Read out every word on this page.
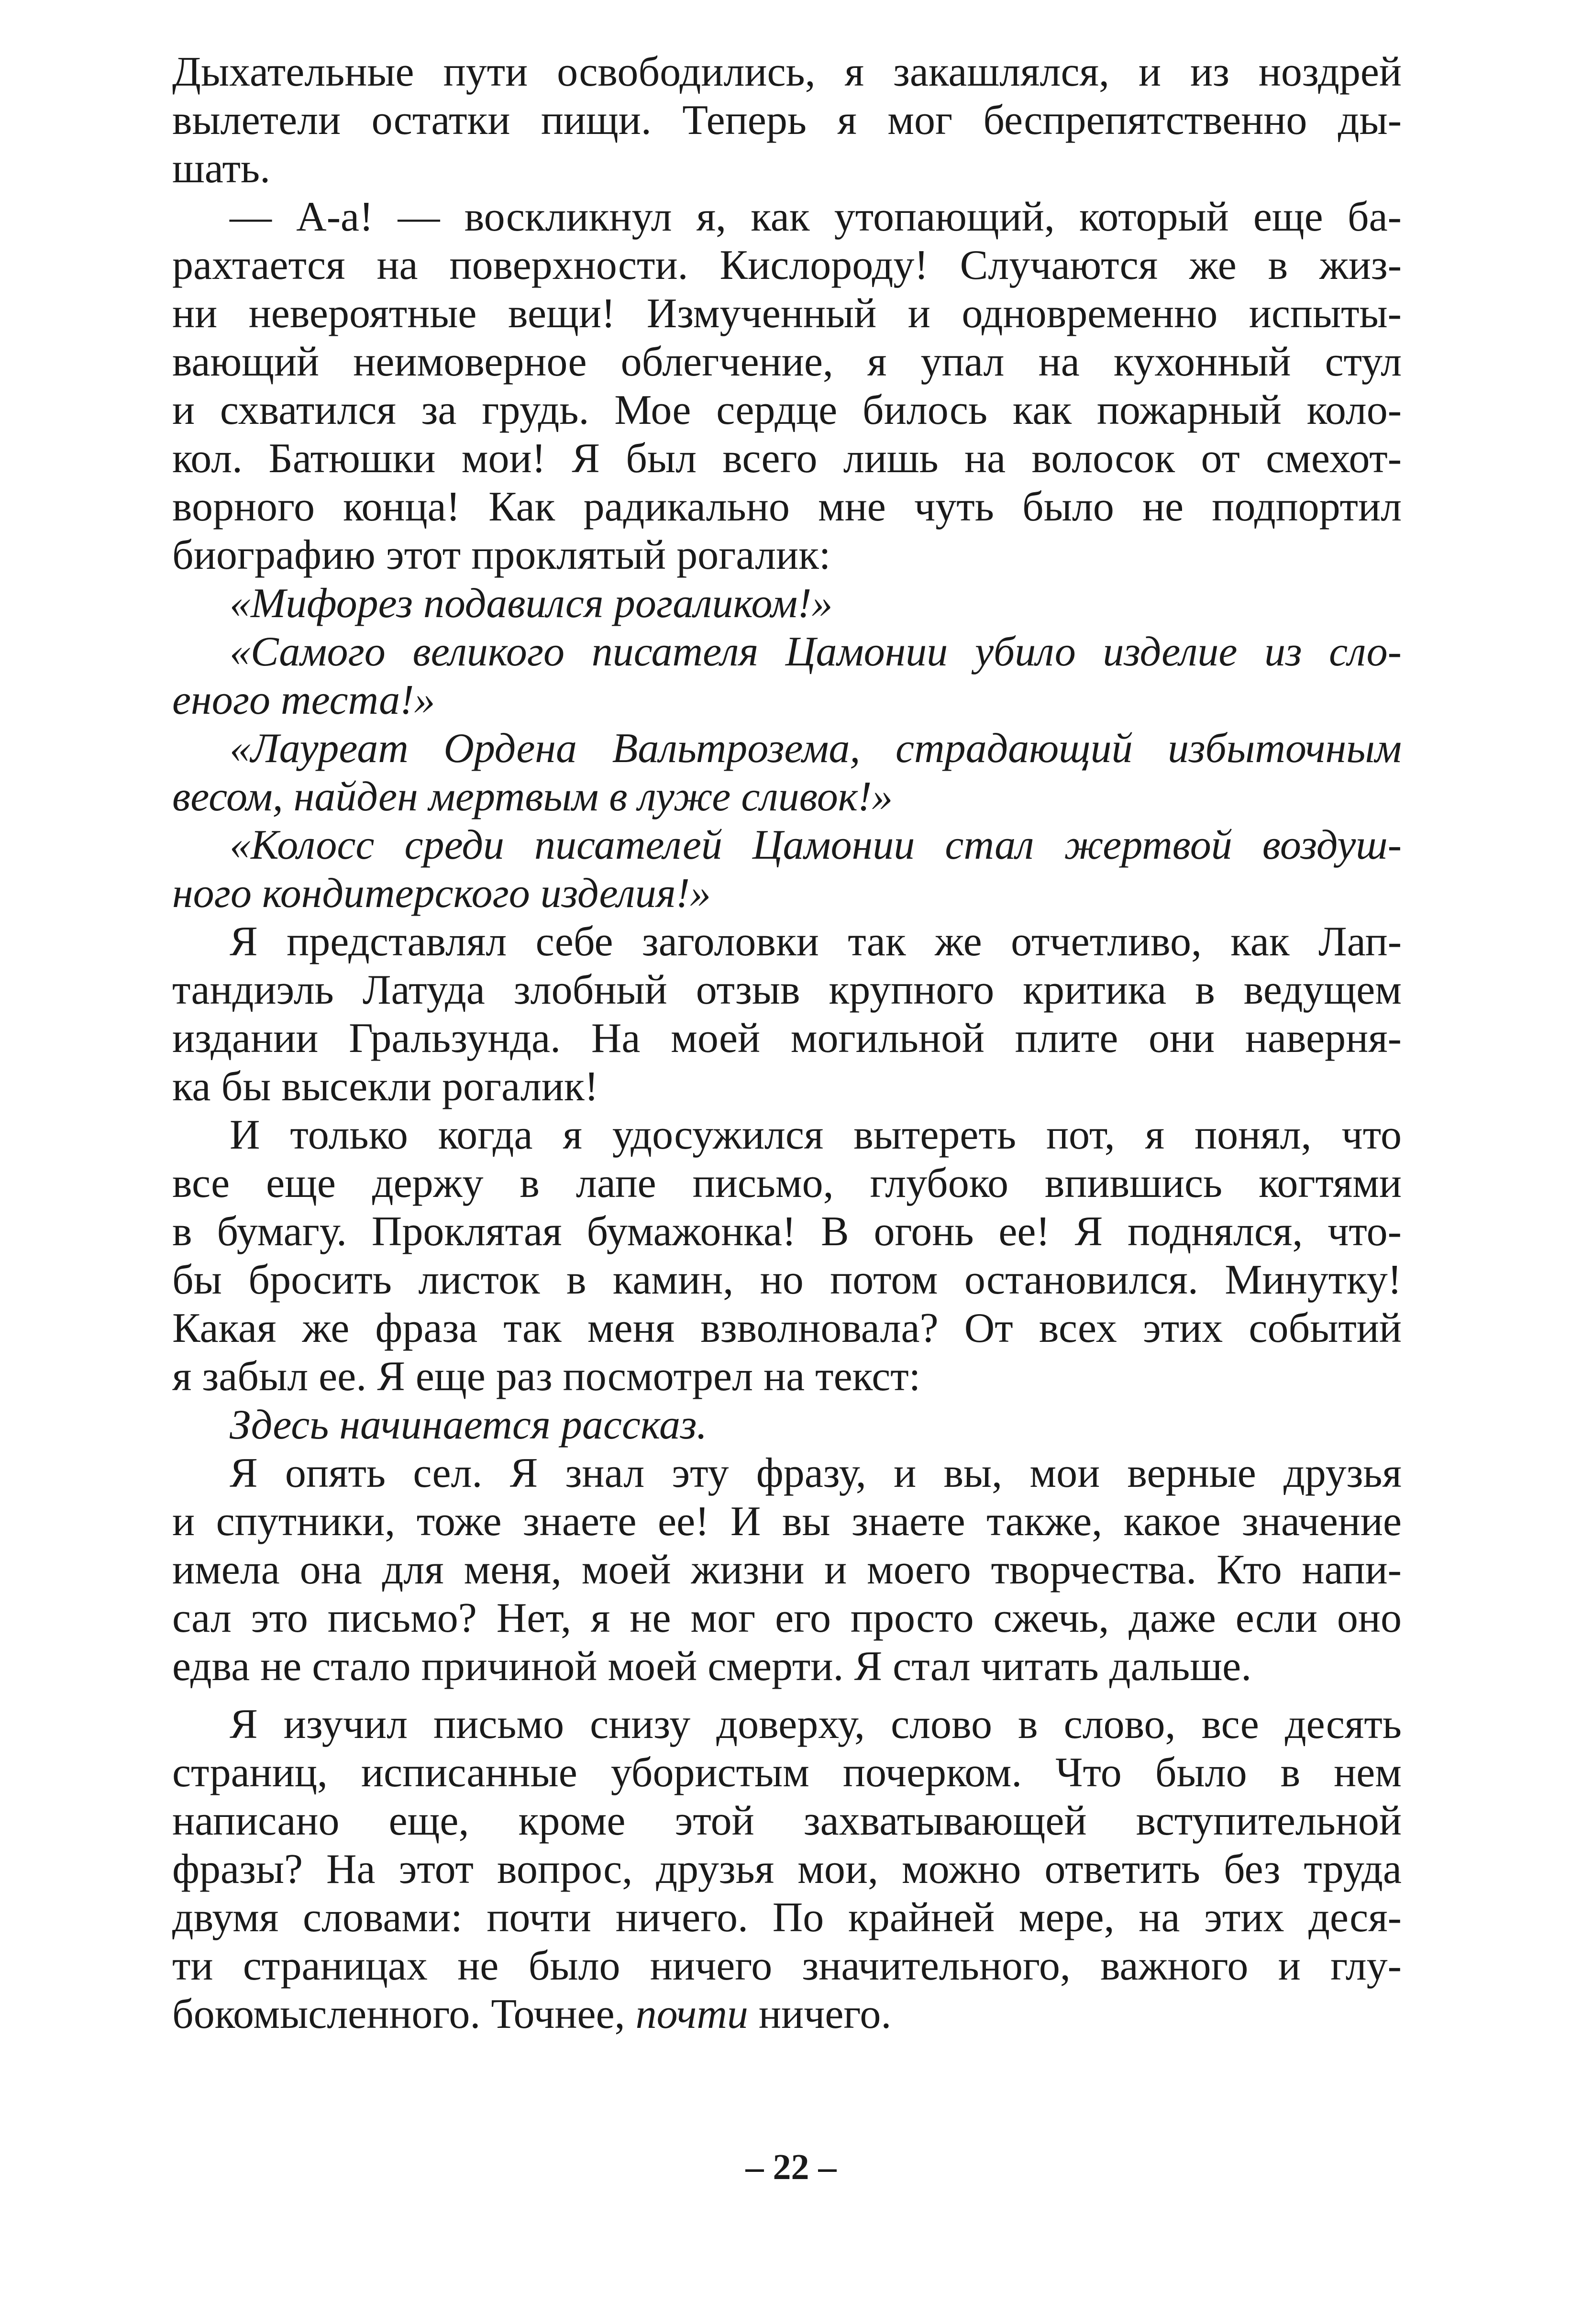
Дыхательные пути освободились, я закашлялся, и из ноздрей
вылетели остатки пищи. Теперь я мог беспрепятственно ды-
шать.
— А-а! — воскликнул я, как утопающий, который еще ба-
рахтается на поверхности. Кислороду! Случаются же в жиз-
ни невероятные вещи! Измученный и одновременно испыты-
вающий неимоверное облегчение, я упал на кухонный стул
и схватился за грудь. Мое сердце билось как пожарный коло-
кол. Батюшки мои! Я был всего лишь на волосок от смехот-
ворного конца! Как радикально мне чуть было не подпортил
биографию этот проклятый рогалик:
«Мифорез подавился рогаликом!»
«Самого великого писателя Цамонии убило изделие из сло-
еного теста!»
«Лауреат Ордена Вальтрозема, страдающий избыточным
весом, найден мертвым в луже сливок!»
«Колосс среди писателей Цамонии стал жертвой воздуш-
ного кондитерского изделия!»
Я представлял себе заголовки так же отчетливо, как Лап-
тандиэль Латуда злобный отзыв крупного критика в ведущем
издании Гральзунда. На моей могильной плите они наверня-
ка бы высекли рогалик!
И только когда я удосужился вытереть пот, я понял, что
все еще держу в лапе письмо, глубоко впившись когтями
в бумагу. Проклятая бумажонка! В огонь ее! Я поднялся, что-
бы бросить листок в камин, но потом остановился. Минутку!
Какая же фраза так меня взволновала? От всех этих событий
я забыл ее. Я еще раз посмотрел на текст:
Здесь начинается рассказ.
Я опять сел. Я знал эту фразу, и вы, мои верные друзья
и спутники, тоже знаете ее! И вы знаете также, какое значение
имела она для меня, моей жизни и моего творчества. Кто напи-
сал это письмо? Нет, я не мог его просто сжечь, даже если оно
едва не стало причиной моей смерти. Я стал читать дальше.
Я изучил письмо снизу доверху, слово в слово, все десять
страниц, исписанные убористым почерком. Что было в нем
написано еще, кроме этой захватывающей вступительной
фразы? На этот вопрос, друзья мои, можно ответить без труда
двумя словами: почти ничего. По крайней мере, на этих деся-
ти страницах не было ничего значительного, важного и глу-
бокомысленного. Точнее, почти ничего.
– 22 –
